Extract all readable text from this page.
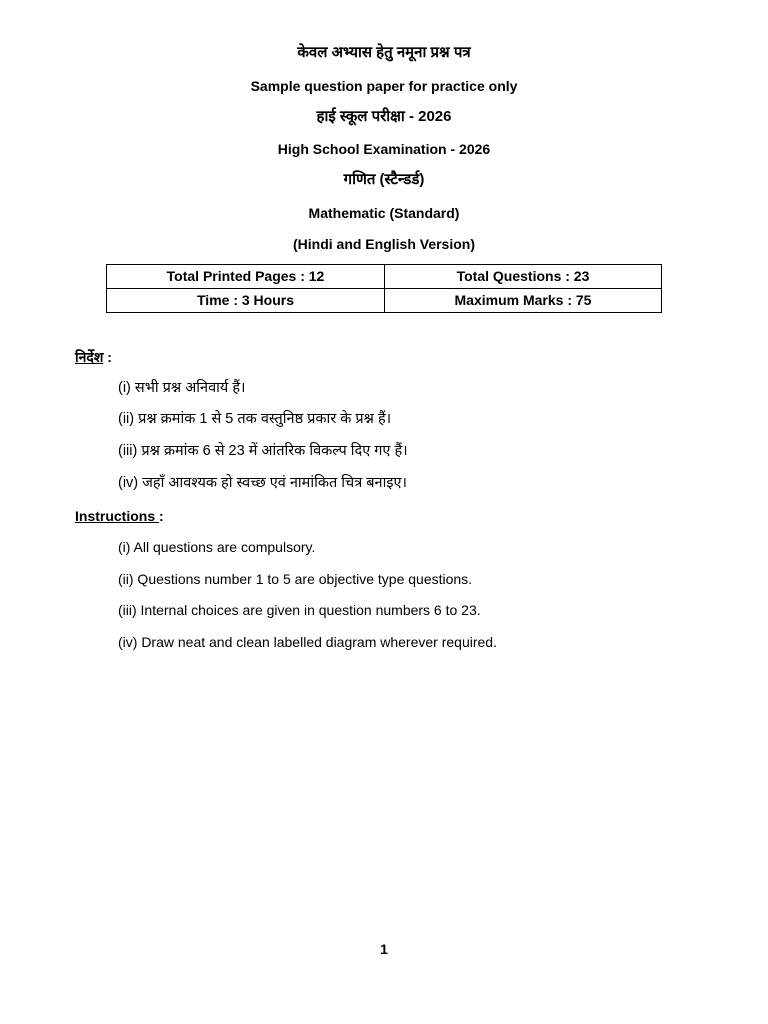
केवल अभ्यास हेतु नमूना प्रश्न पत्र
Sample question paper for practice only
हाई स्कूल परीक्षा - 2026
High School Examination - 2026
गणित (स्टैन्डर्ड)
Mathematic (Standard)
(Hindi and English Version)
Total Printed Pages : 12	Total Questions : 23
Time : 3 Hours	Maximum Marks : 75
निर्देश :
(i) सभी प्रश्न अनिवार्य हैं।
(ii) प्रश्न क्रमांक 1 से 5 तक वस्तुनिष्ठ प्रकार के प्रश्न हैं।
(iii) प्रश्न क्रमांक 6 से 23 में आंतरिक विकल्प दिए गए हैं।
(iv) जहाँ आवश्यक हो स्वच्छ एवं नामांकित चित्र बनाइए।
Instructions :
(i) All questions are compulsory.
(ii) Questions number 1 to 5 are objective type questions.
(iii) Internal choices are given in question numbers 6 to 23.
(iv) Draw neat and clean labelled diagram wherever required.
1
